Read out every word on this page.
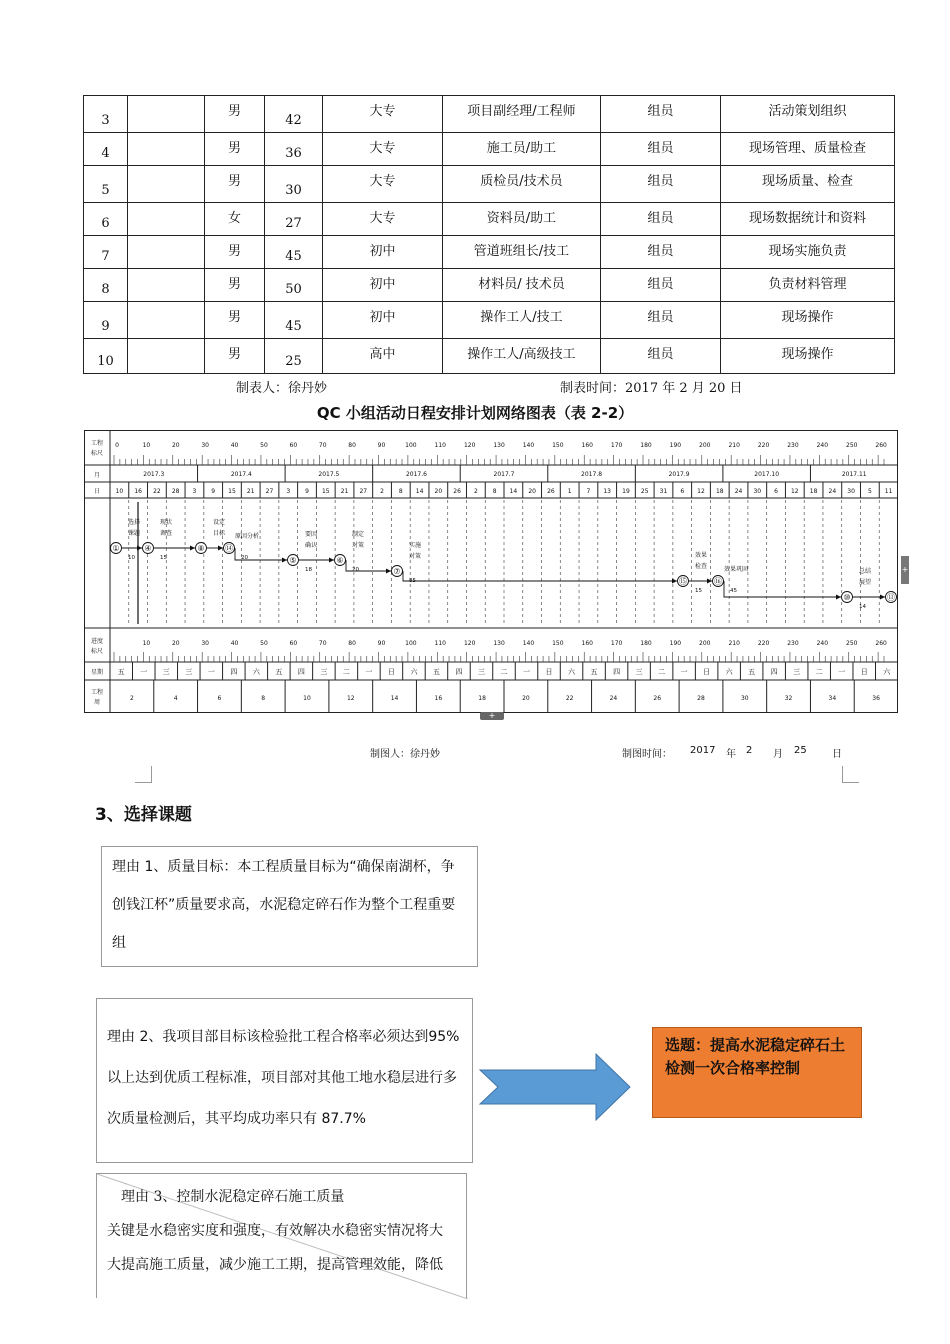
3		男	42	大专	项目副经理/工程师	组员	活动策划组织
4		男	36	大专	施工员/助工	组员	现场管理、质量检查
5		男	30	大专	质检员/技术员	组员	现场质量、检查
6		女	27	大专	资料员/助工	组员	现场数据统计和资料
7		男	45	初中	管道班组长/技工	组员	现场实施负责
8		男	50	初中	材料员/ 技术员	组员	负责材料管理
9		男	45	初中	操作工人/技工	组员	现场操作
10		男	25	高中	操作工人/高级技工	组员	现场操作
制表人：徐丹妙	制表时间：2017 年 2 月 20 日
QC 小组活动日程安排计划网络图表（表 2-2）
工程
标尺
月
日
进度
标尺
星期
工程
周
0	10	20	30	40	50	60	70	80	90	100	110	120	130	140	150	160	170	180	190	200	210	220	230	240	250	260
10	20	30	40	50	60	70	80	90	100	110	120	130	140	150	160	170	180	190	200	210	220	230	240	250	260
2017.3	2017.4	2017.5	2017.6	2017.7	2017.8	2017.9	2017.10	2017.11
10 16 22 28 3 9 15 21 27 3 9 15 21 27 2 8 14 20 26 2 8 14 20 26 1 7 13 19 25 31 6 12 18 24 30 6 12 18 24 30 5 11
五 一 三 三 一 四 六 五 四 三 二 一 日 六 五 四 三 二 一 日 六 五 四 三 二 一 日 六 五 四 三 二 一 日 六
2	4	6	8	10	12	14	16	18	20	22	24	26	28	30	32	34	36
选择
课题
10
现状
调查
15
设定
目标 原因分析
20
要因
确认
18
制定
对策
20
实施
对策
85
效果
检查
15
效果巩固
45
总结
展望
14
①	④	⑧	⑭
⑤	⑥
⑦
⑮	⑯
⑩	⑪
+
+
制图人：徐丹妙	制图时间： 2017 年 2 月 25	日
3、选择课题
理由 1、质量目标：本工程质量目标为“确保南湖杯，争创钱江杯”质量要求高，水泥稳定碎石作为整个工程重要组
理由 2、我项目部目标该检验批工程合格率必须达到95% 以上达到优质工程标准，项目部对其他工地水稳层进行多次质量检测后，其平均成功率只有 87.7%
理由 3、控制水泥稳定碎石施工质量
关键是水稳密实度和强度，有效解决水稳密实情况将大大提高施工质量，减少施工工期，提高管理效能，降低
选题：提高水泥稳定碎石土检测一次合格率控制
